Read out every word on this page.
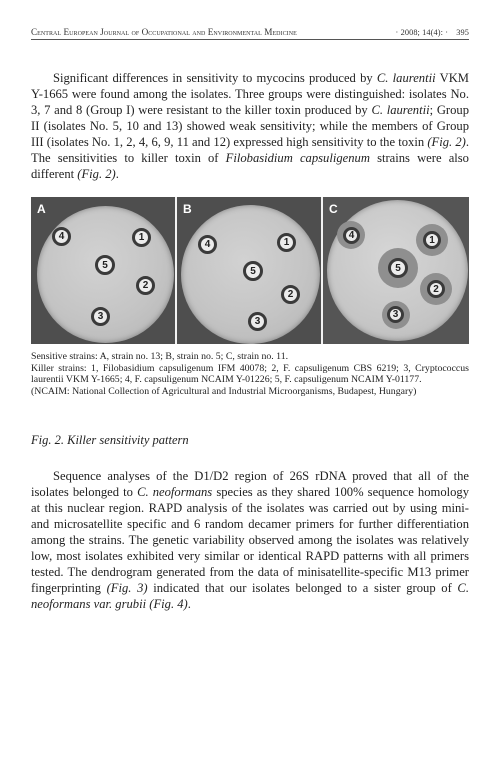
Central European Journal of Occupational and Environmental Medicine	· 2008; 14(4): · 395

Significant differences in sensitivity to mycocins produced by C. laurentii VKM Y-1665 were found among the isolates. Three groups were distinguished: isolates No. 3, 7 and 8 (Group I) were resistant to the killer toxin produced by C. laurentii; Group II (isolates No. 5, 10 and 13) showed weak sensitivity; while the members of Group III (isolates No. 1, 2, 4, 6, 9, 11 and 12) expressed high sensitivity to the toxin (Fig. 2). The sensitivities to killer toxin of Filobasidium capsuligenum strains were also different (Fig. 2).

A
4	1
5
2
3
B
4	1
5
2
3
C
4	1
5
2
3

Sensitive strains: A, strain no. 13; B, strain no. 5; C, strain no. 11.

Killer strains: 1, Filobasidium capsuligenum IFM 40078; 2, F. capsuligenum CBS 6219; 3, Cryptococcus laurentii VKM Y-1665; 4, F. capsuligenum NCAIM Y-01226; 5, F. capsuligenum NCAIM Y-01177.

(NCAIM: National Collection of Agricultural and Industrial Microorganisms, Budapest, Hungary)

Fig. 2. Killer sensitivity pattern

Sequence analyses of the D1/D2 region of 26S rDNA proved that all of the isolates belonged to C. neoformans species as they shared 100% sequence homology at this nuclear region. RAPD analysis of the isolates was carried out by using mini- and microsatellite specific and 6 random decamer primers for further differentiation among the strains. The genetic variability observed among the isolates was relatively low, most isolates exhibited very similar or identical RAPD patterns with all primers tested. The dendrogram generated from the data of minisatellite-specific M13 primer fingerprinting (Fig. 3) indicated that our isolates belonged to a sister group of C. neoformans var. grubii (Fig. 4).
